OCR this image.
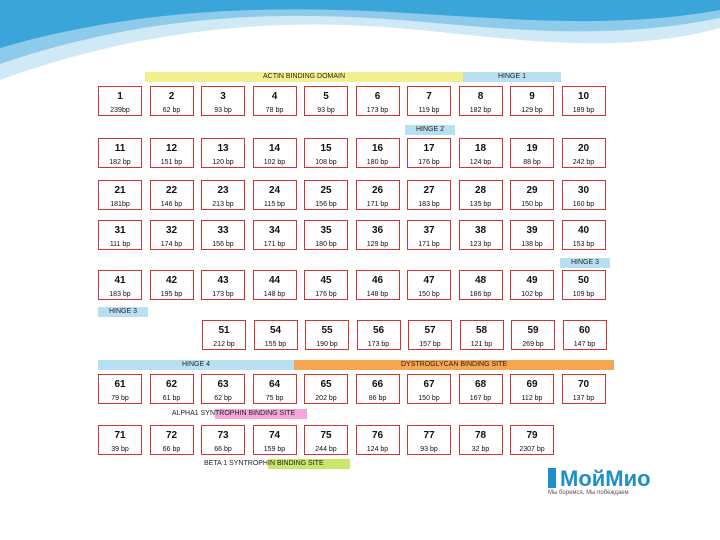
ACTIN BINDING DOMAIN	HINGE 1
HINGE 2
HINGE 3
HINGE 3
HINGE 4	DYSTROGLYCAN BINDING SITE
ALPHA1 SYN TROPHIN BINDING SITE
BETA 1 SYNTROPH IN BINDING SITE
1
239bp
2
62 bp
3
93 bp
4
78 bp
5
93 bp
6
173 bp
7
119 bp
8
182 bp
9
129 bp
10
189 bp
11
182 bp
12
151 bp
13
120 bp
14
102 bp
15
108 bp
16
180 bp
17
176 bp
18
124 bp
19
88 bp
20
242 bp
21
181bp
22
146 bp
23
213 bp
24
115 bp
25
156 bp
26
171 bp
27
183 bp
28
135 bp
29
150 bp
30
160 bp
31
111 bp
32
174 bp
33
156 bp
34
171 bp
35
180 bp
36
129 bp
37
171 bp
38
123 bp
39
138 bp
40
153 bp
41
183 bp
42
195 bp
43
173 bp
44
148 bp
45
176 bp
46
148 bp
47
150 bp
48
186 bp
49
102 bp
50
109 bp
51
212 bp
54
155 bp
55
190 bp
56
173 bp
57
157 bp
58
121 bp
59
269 bp
60
147 bp
61
79 bp
62
61 bp
63
62 bp
64
75 bp
65
202 bp
66
86 bp
67
150 bp
68
167 bp
69
112 bp
70
137 bp
71
39 bp
72
66 bp
73
66 bp
74
159 bp
75
244 bp
76
124 bp
77
93 bp
78
32 bp
79
2307 bp
МойМио
Мы боремся, Мы побеждаем
